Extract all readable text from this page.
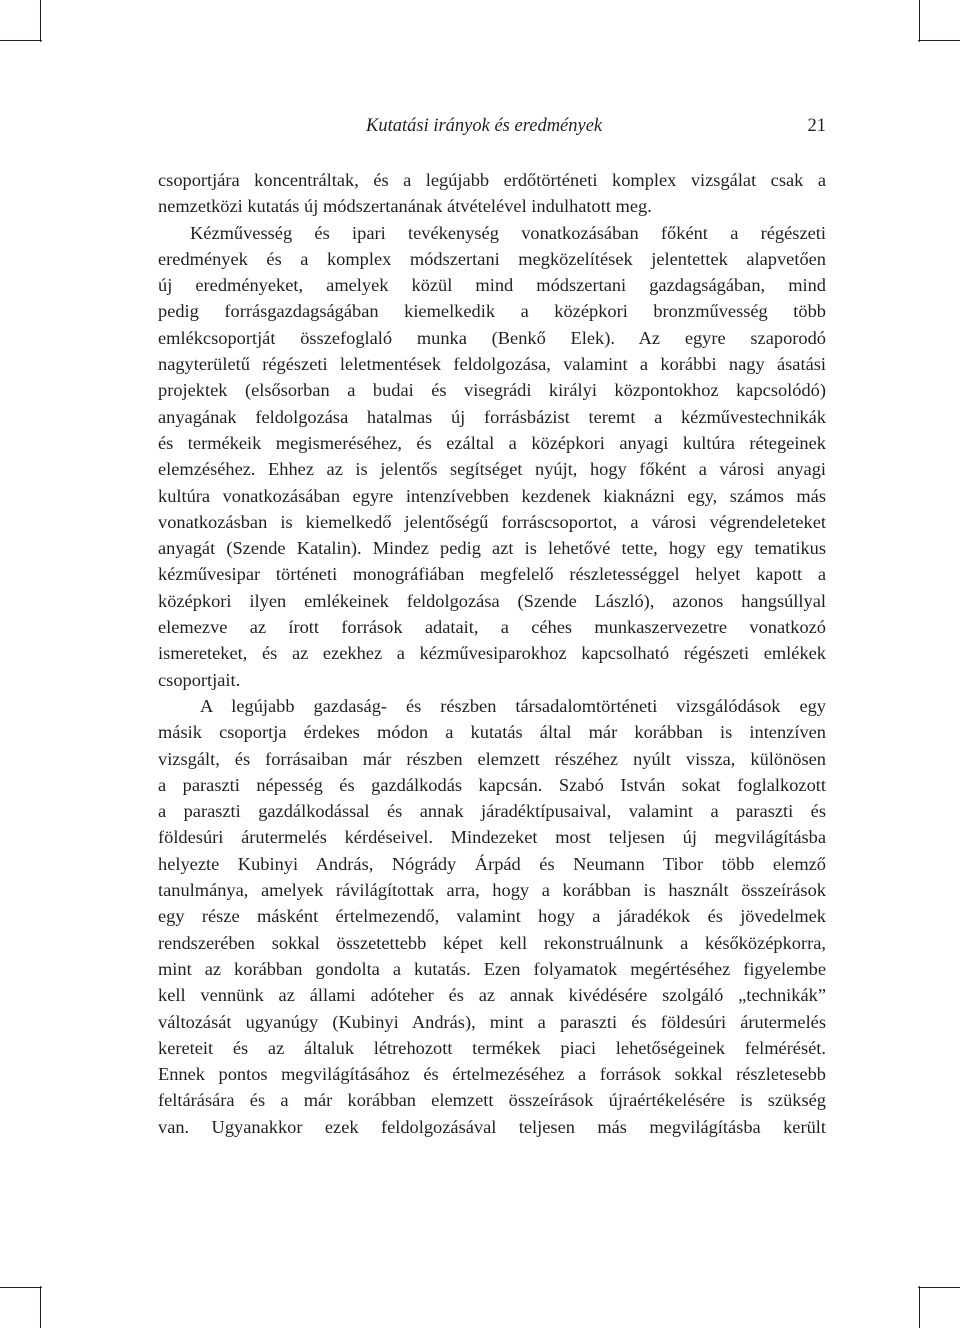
Kutatási irányok és eredmények	21
csoportjára koncentráltak, és a legújabb erdőtörténeti komplex vizsgálat csak a
nemzetközi kutatás új módszertanának átvételével indulhatott meg.
Kézművesség és ipari tevékenység vonatkozásában főként a régészeti
eredmények és a komplex módszertani megközelítések jelentettek alapvetően
új eredményeket, amelyek közül mind módszertani gazdagságában, mind
pedig forrásgazdagságában kiemelkedik a középkori bronzművesség több
emlékcsoportját összefoglaló munka (Benkő Elek). Az egyre szaporodó
nagyterületű régészeti leletmentések feldolgozása, valamint a korábbi nagy ásatási
projektek (elsősorban a budai és visegrádi királyi központokhoz kapcsolódó)
anyagának feldolgozása hatalmas új forrásbázist teremt a kézművestechnikák
és termékeik megismeréséhez, és ezáltal a középkori anyagi kultúra rétegeinek
elemzéséhez. Ehhez az is jelentős segítséget nyújt, hogy főként a városi anyagi
kultúra vonatkozásában egyre intenzívebben kezdenek kiaknázni egy, számos más
vonatkozásban is kiemelkedő jelentőségű forráscsoportot, a városi végrendeleteket
anyagát (Szende Katalin). Mindez pedig azt is lehetővé tette, hogy egy tematikus
kézművesipar történeti monográfiában megfelelő részletességgel helyet kapott a
középkori ilyen emlékeinek feldolgozása (Szende László), azonos hangsúllyal
elemezve az írott források adatait, a céhes munkaszervezetre vonatkozó
ismereteket, és az ezekhez a kézművesiparokhoz kapcsolható régészeti emlékek
csoportjait.
A legújabb gazdaság- és részben társadalomtörténeti vizsgálódások egy
másik csoportja érdekes módon a kutatás által már korábban is intenzíven
vizsgált, és forrásaiban már részben elemzett részéhez nyúlt vissza, különösen
a paraszti népesség és gazdálkodás kapcsán. Szabó István sokat foglalkozott
a paraszti gazdálkodással és annak járadéktípusaival, valamint a paraszti és
földesúri árutermelés kérdéseivel. Mindezeket most teljesen új megvilágításba
helyezte Kubinyi András, Nógrády Árpád és Neumann Tibor több elemző
tanulmánya, amelyek rávilágítottak arra, hogy a korábban is használt összeírások
egy része másként értelmezendő, valamint hogy a járadékok és jövedelmek
rendszerében sokkal összetettebb képet kell rekonstruálnunk a későközépkorra,
mint az korábban gondolta a kutatás. Ezen folyamatok megértéséhez figyelembe
kell vennünk az állami adóteher és az annak kivédésére szolgáló „technikák”
változását ugyanúgy (Kubinyi András), mint a paraszti és földesúri árutermelés
kereteit és az általuk létrehozott termékek piaci lehetőségeinek felmérését.
Ennek pontos megvilágításához és értelmezéséhez a források sokkal részletesebb
feltárására és a már korábban elemzett összeírások újraértékelésére is szükség
van. Ugyanakkor ezek feldolgozásával teljesen más megvilágításba került
